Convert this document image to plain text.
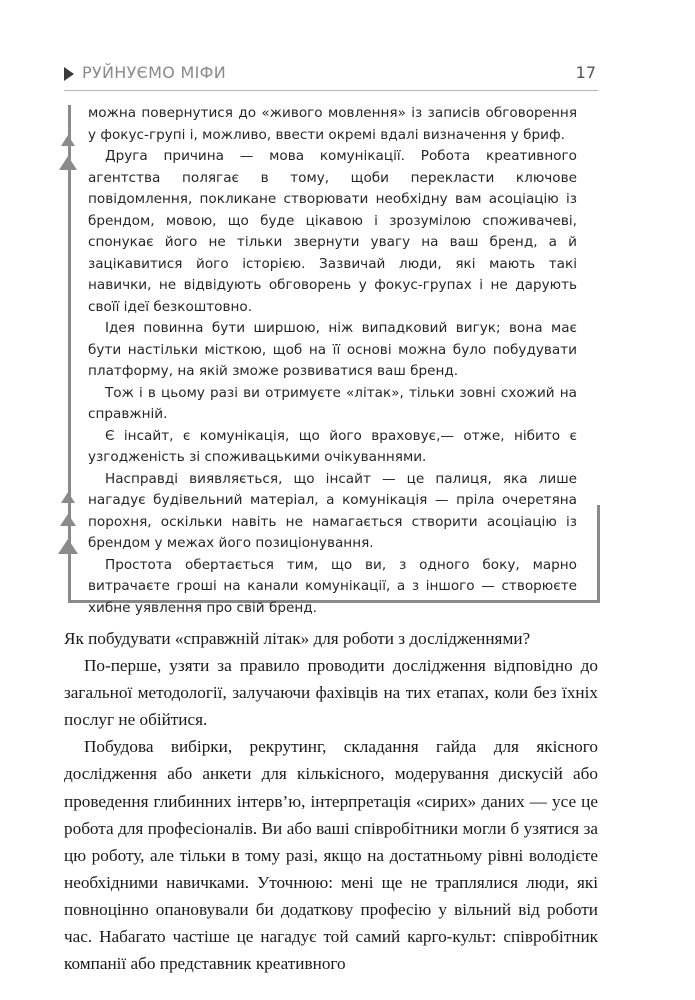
РУЙНУЄМО МІФИ	17

можна повернутися до «живого мовлення» із записів обговорення у фокус-групі і, можливо, ввести окремі вдалі визначення у бриф.

Друга причина — мова комунікації. Робота креативного агентства полягає в тому, щоби перекласти ключове повідомлення, покликане створювати необхідну вам асоціацію із брендом, мовою, що буде цікавою і зрозумілою споживачеві, спонукає його не тільки звернути увагу на ваш бренд, а й зацікавитися його історією. Зазвичай люди, які мають такі навички, не відвідують обговорень у фокус-групах і не дарують своїї ідеї безкоштовно.

Ідея повинна бути ширшою, ніж випадковий вигук; вона має бути настільки місткою, щоб на її основі можна було побудувати платформу, на якій зможе розвиватися ваш бренд.

Тож і в цьому разі ви отримуєте «літак», тільки зовні схожий на справжній.

Є інсайт, є комунікація, що його враховує,— отже, нібито є узгодженість зі споживацькими очікуваннями.

Насправді виявляється, що інсайт — це палиця, яка лише нагадує будівельний матеріал, а комунікація — пріла очеретяна порохня, оскільки навіть не намагається створити асоціацію із брендом у межах його позиціонування.

Простота обертається тим, що ви, з одного боку, марно витрачаєте гроші на канали комунікації, а з іншого — створюєте хибне уявлення про свій бренд.

Як побудувати «справжній літак» для роботи з дослідженнями?

По-перше, узяти за правило проводити дослідження відповідно до загальної методології, залучаючи фахівців на тих етапах, коли без їхніх послуг не обійтися.

Побудова вибірки, рекрутинг, складання гайда для якісного дослідження або анкети для кількісного, модерування дискусій або проведення глибинних інтерв’ю, інтерпретація «сирих» даних — усе це робота для професіоналів. Ви або ваші співробітники могли б узятися за цю роботу, але тільки в тому разі, якщо на достатньому рівні володієте необхідними навичками. Уточнюю: мені ще не траплялися люди, які повноцінно опановували би додаткову професію у вільний від роботи час. Набагато частіше це нагадує той самий карго-культ: співробітник компанії або представник креативного
